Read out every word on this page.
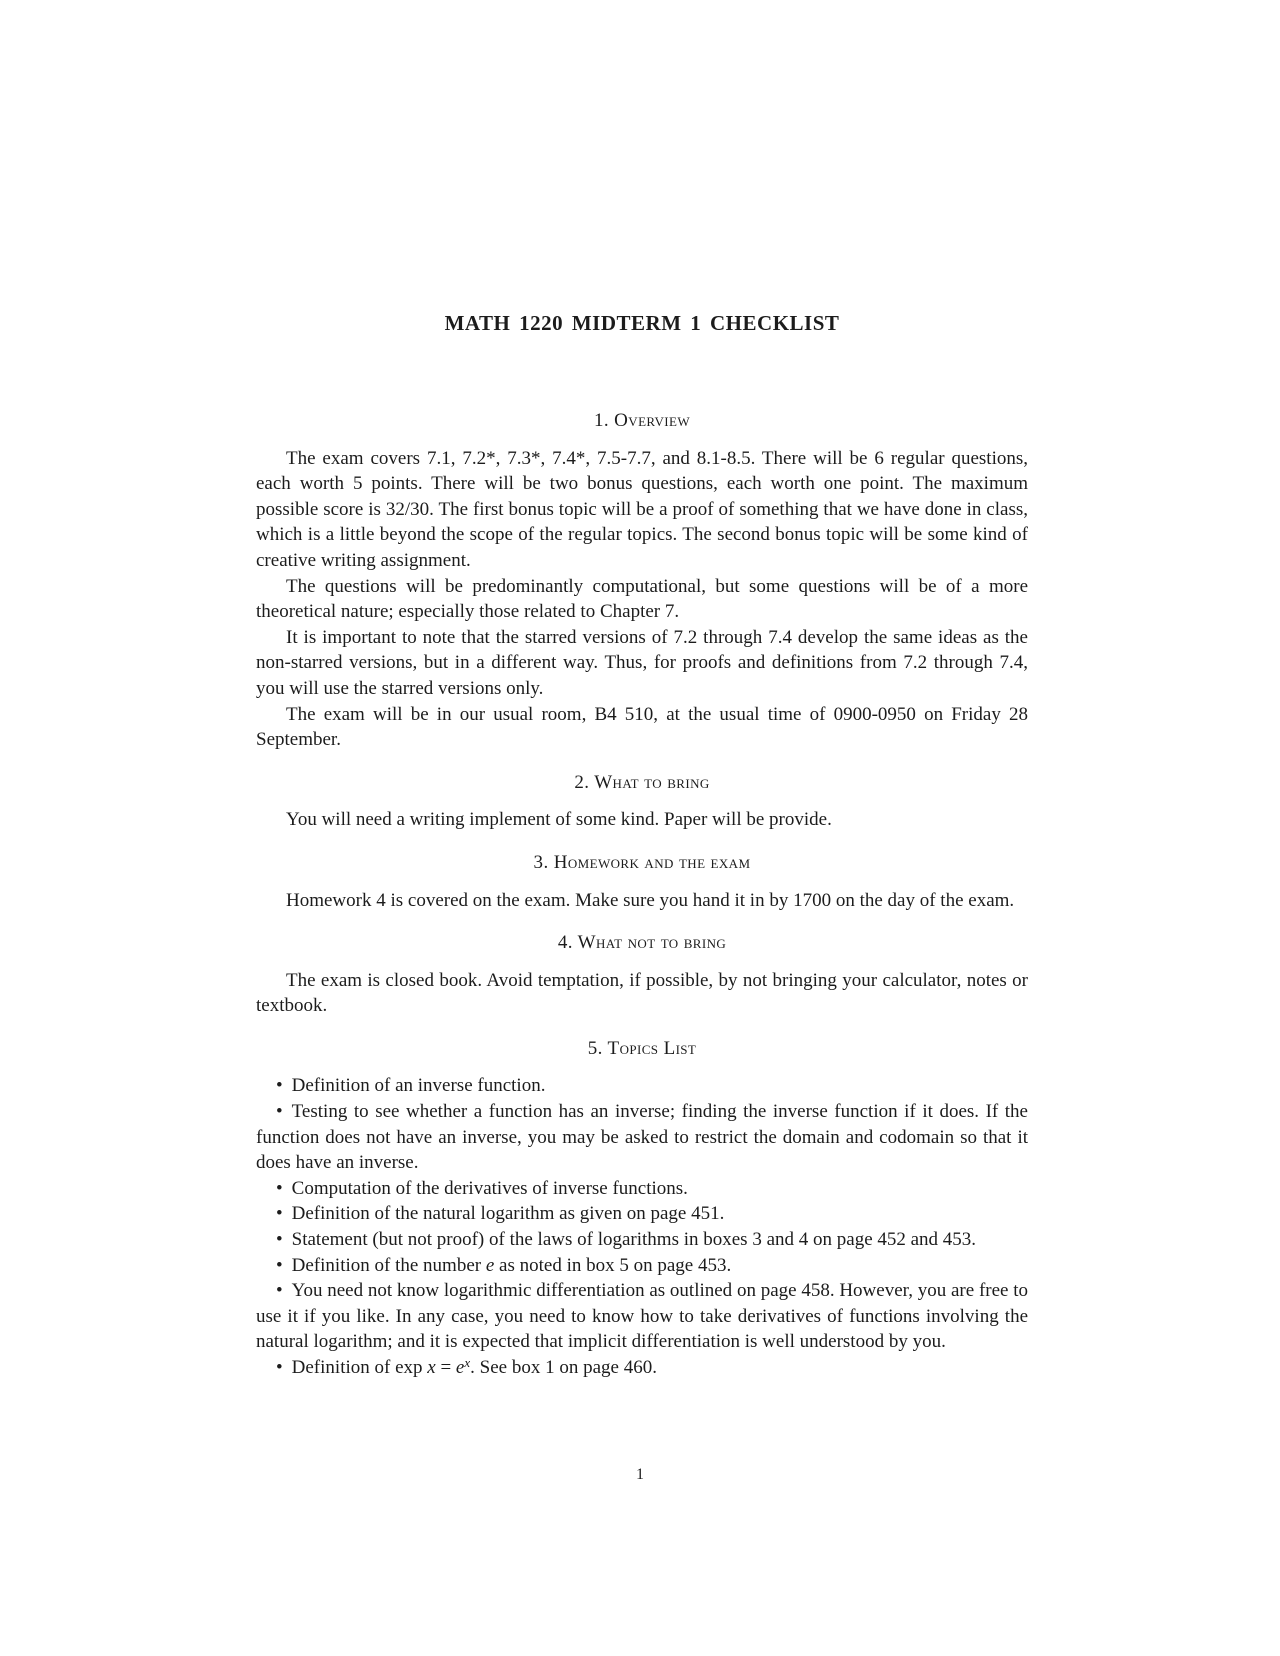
MATH 1220 MIDTERM 1 CHECKLIST
1. Overview

The exam covers 7.1, 7.2*, 7.3*, 7.4*, 7.5-7.7, and 8.1-8.5. There will be 6 regular questions, each worth 5 points. There will be two bonus questions, each worth one point. The maximum possible score is 32/30. The first bonus topic will be a proof of something that we have done in class, which is a little beyond the scope of the regular topics. The second bonus topic will be some kind of creative writing assignment.

The questions will be predominantly computational, but some questions will be of a more theoretical nature; especially those related to Chapter 7.

It is important to note that the starred versions of 7.2 through 7.4 develop the same ideas as the non-starred versions, but in a different way. Thus, for proofs and definitions from 7.2 through 7.4, you will use the starred versions only.

The exam will be in our usual room, B4 510, at the usual time of 0900-0950 on Friday 28 September.

2. What to bring

You will need a writing implement of some kind. Paper will be provide.

3. Homework and the exam

Homework 4 is covered on the exam. Make sure you hand it in by 1700 on the day of the exam.

4. What not to bring

The exam is closed book. Avoid temptation, if possible, by not bringing your calculator, notes or textbook.

5. Topics List

• Definition of an inverse function.

• Testing to see whether a function has an inverse; finding the inverse function if it does. If the function does not have an inverse, you may be asked to restrict the domain and codomain so that it does have an inverse.

• Computation of the derivatives of inverse functions.

• Definition of the natural logarithm as given on page 451.

• Statement (but not proof) of the laws of logarithms in boxes 3 and 4 on page 452 and 453.

• Definition of the number e as noted in box 5 on page 453.

• You need not know logarithmic differentiation as outlined on page 458. However, you are free to use it if you like. In any case, you need to know how to take derivatives of functions involving the natural logarithm; and it is expected that implicit differentiation is well understood by you.

• Definition of $\exp x = e^x$. See box 1 on page 460.

1
